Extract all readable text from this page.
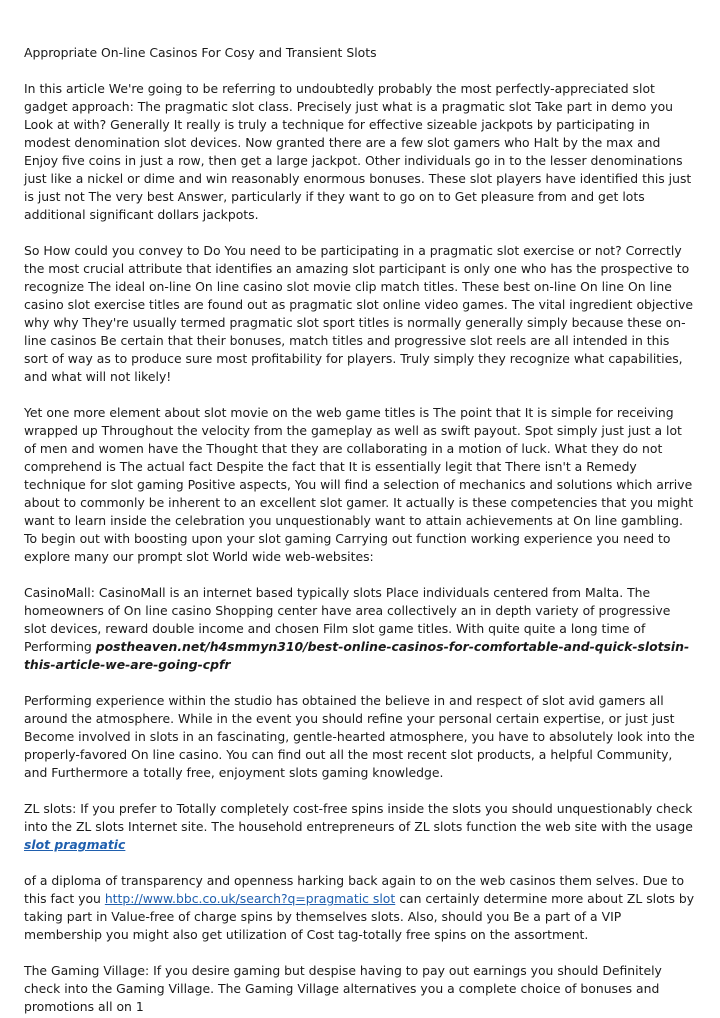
Appropriate On-line Casinos For Cosy and Transient Slots

In this article We're going to be referring to undoubtedly probably the most perfectly-appreciated slot gadget approach: The pragmatic slot class. Precisely just what is a pragmatic slot Take part in demo you Look at with? Generally It really is truly a technique for effective sizeable jackpots by participating in modest denomination slot devices. Now granted there are a few slot gamers who Halt by the max and Enjoy five coins in just a row, then get a large jackpot. Other individuals go in to the lesser denominations just like a nickel or dime and win reasonably enormous bonuses. These slot players have identified this just is just not The very best Answer, particularly if they want to go on to Get pleasure from and get lots additional significant dollars jackpots.

So How could you convey to Do You need to be participating in a pragmatic slot exercise or not? Correctly the most crucial attribute that identifies an amazing slot participant is only one who has the prospective to recognize The ideal on-line On line casino slot movie clip match titles. These best on-line On line On line casino slot exercise titles are found out as pragmatic slot online video games. The vital ingredient objective why why They're usually termed pragmatic slot sport titles is normally generally simply because these on-line casinos Be certain that their bonuses, match titles and progressive slot reels are all intended in this sort of way as to produce sure most profitability for players. Truly simply they recognize what capabilities, and what will not likely!

Yet one more element about slot movie on the web game titles is The point that It is simple for receiving wrapped up Throughout the velocity from the gameplay as well as swift payout. Spot simply just just a lot of men and women have the Thought that they are collaborating in a motion of luck. What they do not comprehend is The actual fact Despite the fact that It is essentially legit that There isn't a Remedy technique for slot gaming Positive aspects, You will find a selection of mechanics and solutions which arrive about to commonly be inherent to an excellent slot gamer. It actually is these competencies that you might want to learn inside the celebration you unquestionably want to attain achievements at On line gambling. To begin out with boosting upon your slot gaming Carrying out function working experience you need to explore many our prompt slot World wide web-websites:

CasinoMall: CasinoMall is an internet based typically slots Place individuals centered from Malta. The homeowners of On line casino Shopping center have area collectively an in depth variety of progressive slot devices, reward double income and chosen Film slot game titles. With quite quite a long time of Performing postheaven.net/h4smmyn310/best-online-casinos-for-comfortable-and-quick-slotsin-this-article-we-are-going-cpfr

Performing experience within the studio has obtained the believe in and respect of slot avid gamers all around the atmosphere. While in the event you should refine your personal certain expertise, or just just Become involved in slots in an fascinating, gentle-hearted atmosphere, you have to absolutely look into the properly-favored On line casino. You can find out all the most recent slot products, a helpful Community, and Furthermore a totally free, enjoyment slots gaming knowledge.

ZL slots: If you prefer to Totally completely cost-free spins inside the slots you should unquestionably check into the ZL slots Internet site. The household entrepreneurs of ZL slots function the web site with the usage slot pragmatic

of a diploma of transparency and openness harking back again to on the web casinos them selves. Due to this fact you http://www.bbc.co.uk/search?q=pragmatic slot can certainly determine more about ZL slots by taking part in Value-free of charge spins by themselves slots. Also, should you Be a part of a VIP membership you might also get utilization of Cost tag-totally free spins on the assortment.

The Gaming Village: If you desire gaming but despise having to pay out earnings you should Definitely check into the Gaming Village. The Gaming Village alternatives you a complete choice of bonuses and promotions all on 1
